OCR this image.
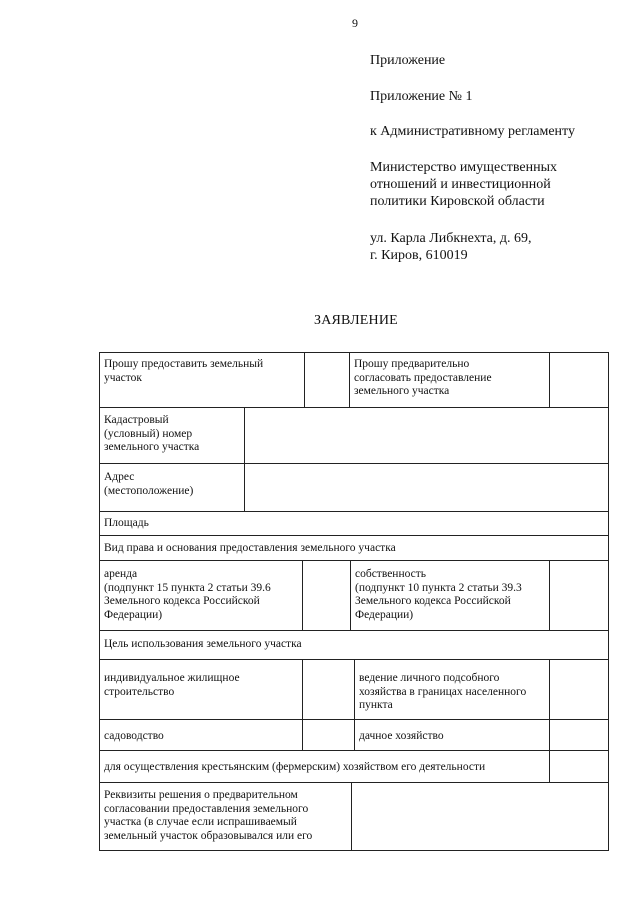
9
Приложение
Приложение № 1
к Административному регламенту
Министерство имущественных
отношений и инвестиционной
политики Кировской области
ул. Карла Либкнехта, д. 69,
г. Киров, 610019
ЗАЯВЛЕНИЕ
Прошу предоставить земельный
участок
Прошу предварительно
согласовать предоставление
земельного участка
Кадастровый
(условный) номер
земельного участка
Адрес
(местоположение)
Площадь
Вид права и основания предоставления земельного участка
аренда
(подпункт 15 пункта 2 статьи 39.6
Земельного кодекса Российской
Федерации)
собственность
(подпункт 10 пункта 2 статьи 39.3
Земельного кодекса Российской
Федерации)
Цель использования земельного участка
индивидуальное жилищное
строительство
ведение личного подсобного
хозяйства в границах населенного
пункта
садоводство	дачное хозяйство
для осуществления крестьянским (фермерским) хозяйством его деятельности
Реквизиты решения о предварительном
согласовании предоставления земельного
участка (в случае если испрашиваемый
земельный участок образовывался или его
